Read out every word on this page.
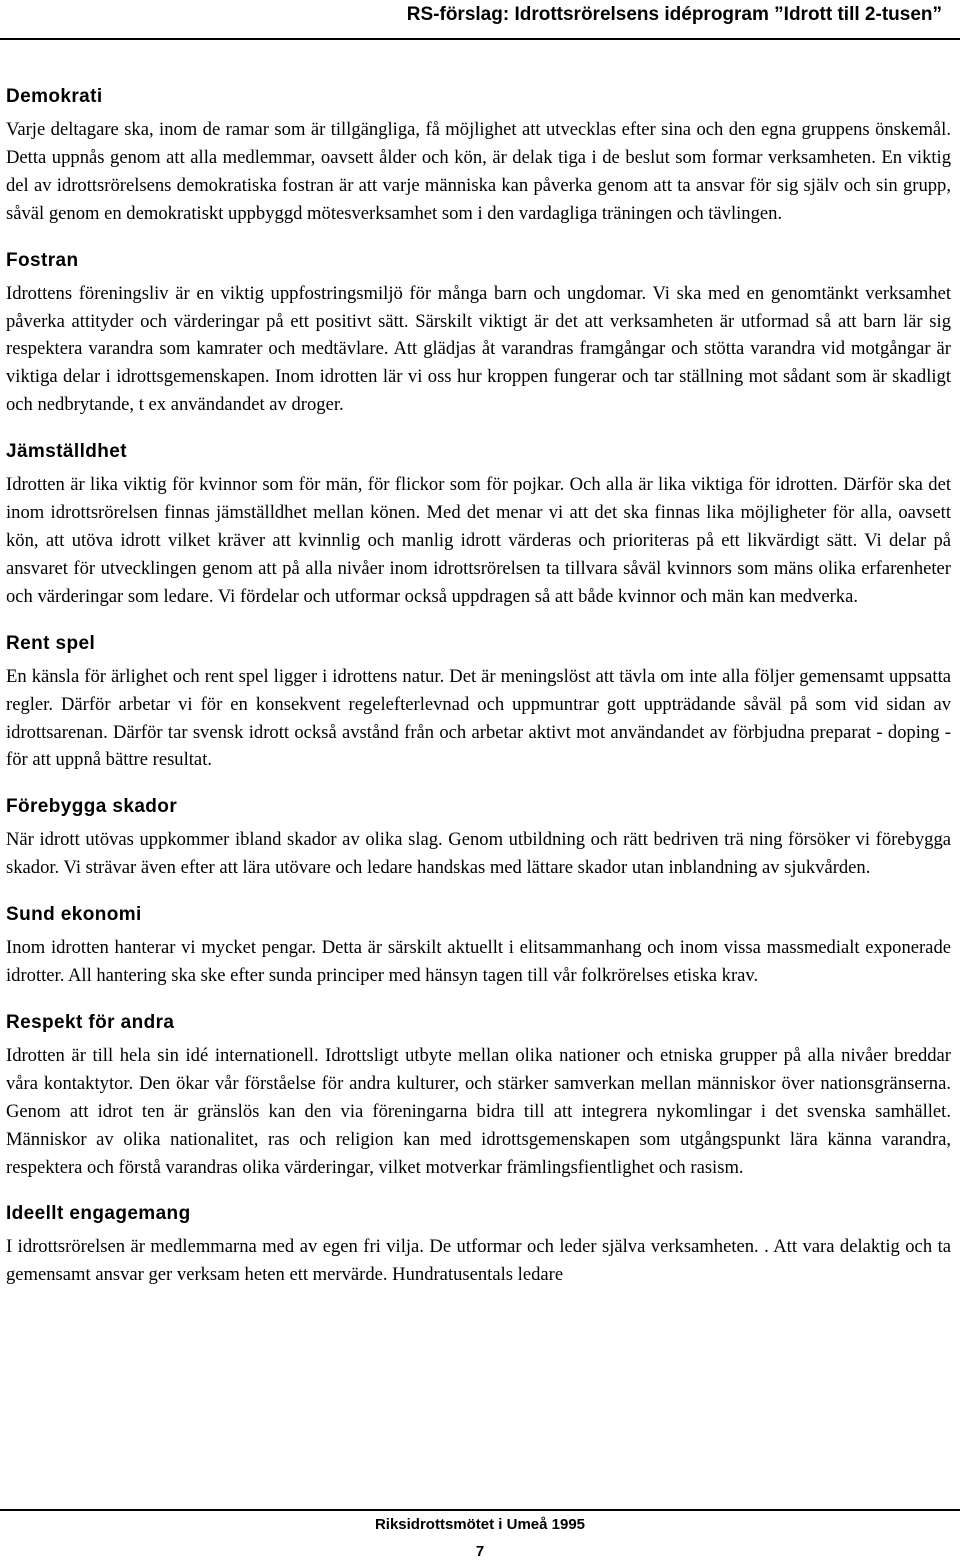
RS-förslag: Idrottsrörelsens idéprogram ”Idrott till 2-tusen”
Demokrati

Varje deltagare ska, inom de ramar som är tillgängliga, få möjlighet att utvecklas efter sina och den egna gruppens önskemål. Detta uppnås genom att alla medlemmar, oavsett ålder och kön, är delak tiga i de beslut som formar verksamheten. En viktig del av idrottsrörelsens demokratiska fostran är att varje människa kan påverka genom att ta ansvar för sig själv och sin grupp, såväl genom en demokratiskt uppbyggd mötesverksamhet som i den vardagliga träningen och tävlingen.

Fostran

Idrottens föreningsliv är en viktig uppfostringsmiljö för många barn och ungdomar. Vi ska med en genomtänkt verksamhet påverka attityder och värderingar på ett positivt sätt. Särskilt viktigt är det att verksamheten är utformad så att barn lär sig respektera varandra som kamrater och medtävlare. Att glädjas åt varandras framgångar och stötta varandra vid motgångar är viktiga delar i idrottsgemenskapen. Inom idrotten lär vi oss hur kroppen fungerar och tar ställning mot sådant som är skadligt och nedbrytande, t ex användandet av droger.

Jämställdhet

Idrotten är lika viktig för kvinnor som för män, för flickor som för pojkar. Och alla är lika viktiga för idrotten. Därför ska det inom idrottsrörelsen finnas jämställdhet mellan könen. Med det menar vi att det ska finnas lika möjligheter för alla, oavsett kön, att utöva idrott vilket kräver att kvinnlig och manlig idrott värderas och prioriteras på ett likvärdigt sätt. Vi delar på ansvaret för utvecklingen genom att på alla nivåer inom idrottsrörelsen ta tillvara såväl kvinnors som mäns olika erfarenheter och värderingar som ledare. Vi fördelar och utformar också uppdragen så att både kvinnor och män kan medverka.

Rent spel

En känsla för ärlighet och rent spel ligger i idrottens natur. Det är meningslöst att tävla om inte alla följer gemensamt uppsatta regler. Därför arbetar vi för en konsekvent regelefterlevnad och uppmuntrar gott uppträdande såväl på som vid sidan av idrottsarenan. Därför tar svensk idrott också avstånd från och arbetar aktivt mot användandet av förbjudna preparat - doping - för att uppnå bättre resultat.

Förebygga skador

När idrott utövas uppkommer ibland skador av olika slag. Genom utbildning och rätt bedriven trä ning försöker vi förebygga skador. Vi strävar även efter att lära utövare och ledare handskas med lättare skador utan inblandning av sjukvården.

Sund ekonomi

Inom idrotten hanterar vi mycket pengar. Detta är särskilt aktuellt i elitsammanhang och inom vissa massmedialt exponerade idrotter. All hantering ska ske efter sunda principer med hänsyn tagen till vår folkrörelses etiska krav.

Respekt för andra

Idrotten är till hela sin idé internationell. Idrottsligt utbyte mellan olika nationer och etniska grupper på alla nivåer breddar våra kontaktytor. Den ökar vår förståelse för andra kulturer, och stärker samverkan mellan människor över nationsgränserna. Genom att idrot ten är gränslös kan den via föreningarna bidra till att integrera nykomlingar i det svenska samhället. Människor av olika nationalitet, ras och religion kan med idrottsgemenskapen som utgångspunkt lära känna varandra, respektera och förstå varandras olika värderingar, vilket motverkar främlingsfientlighet och rasism.

Ideellt engagemang

I idrottsrörelsen är medlemmarna med av egen fri vilja. De utformar och leder själva verksamheten. . Att vara delaktig och ta gemensamt ansvar ger verksam heten ett mervärde. Hundratusentals ledare

Riksidrottsmötet i Umeå 1995
7
